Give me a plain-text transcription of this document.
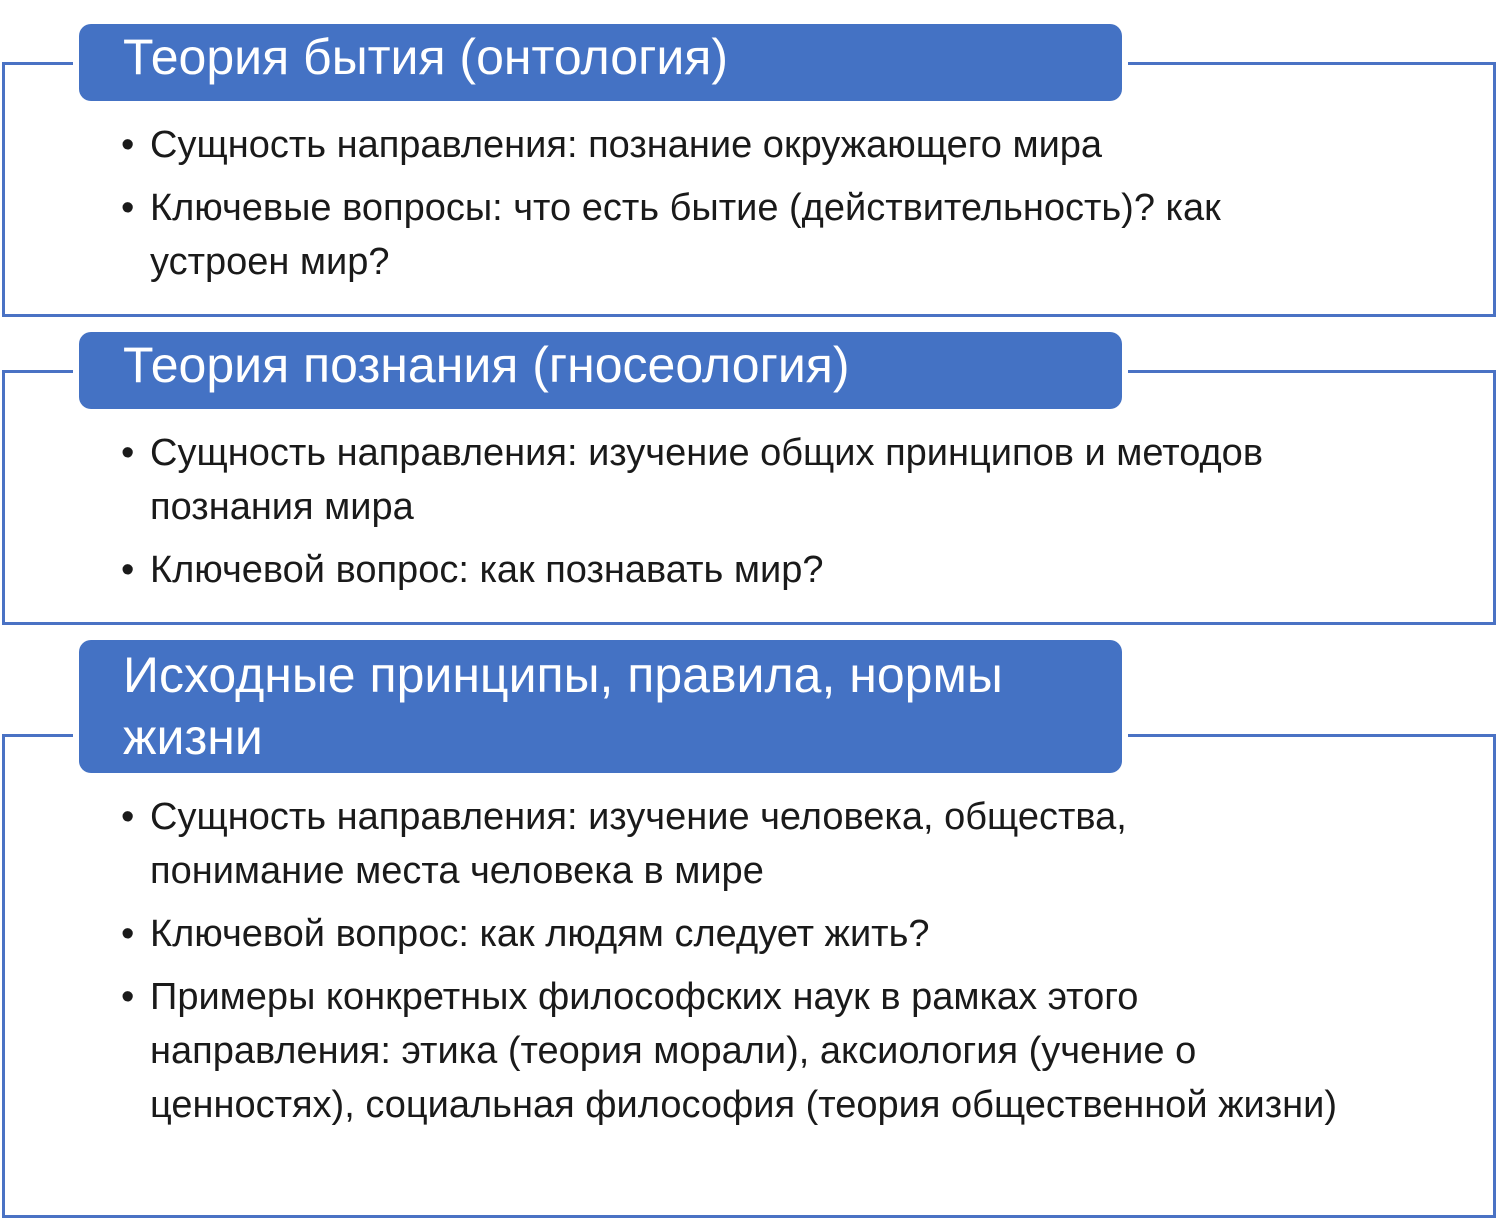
Теория бытия (онтология)
• Сущность направления: познание окружающего мира
• Ключевые вопросы: что есть бытие (действительность)? как устроен мир?
Теория познания (гносеология)
• Сущность направления: изучение общих принципов и методов познания мира
• Ключевой вопрос: как познавать мир?
Исходные принципы, правила, нормы жизни
• Сущность направления: изучение человека, общества, понимание места человека в мире
• Ключевой вопрос: как людям следует жить?
• Примеры конкретных философских наук в рамках этого направления: этика (теория морали), аксиология (учение о ценностях), социальная философия (теория общественной жизни)
